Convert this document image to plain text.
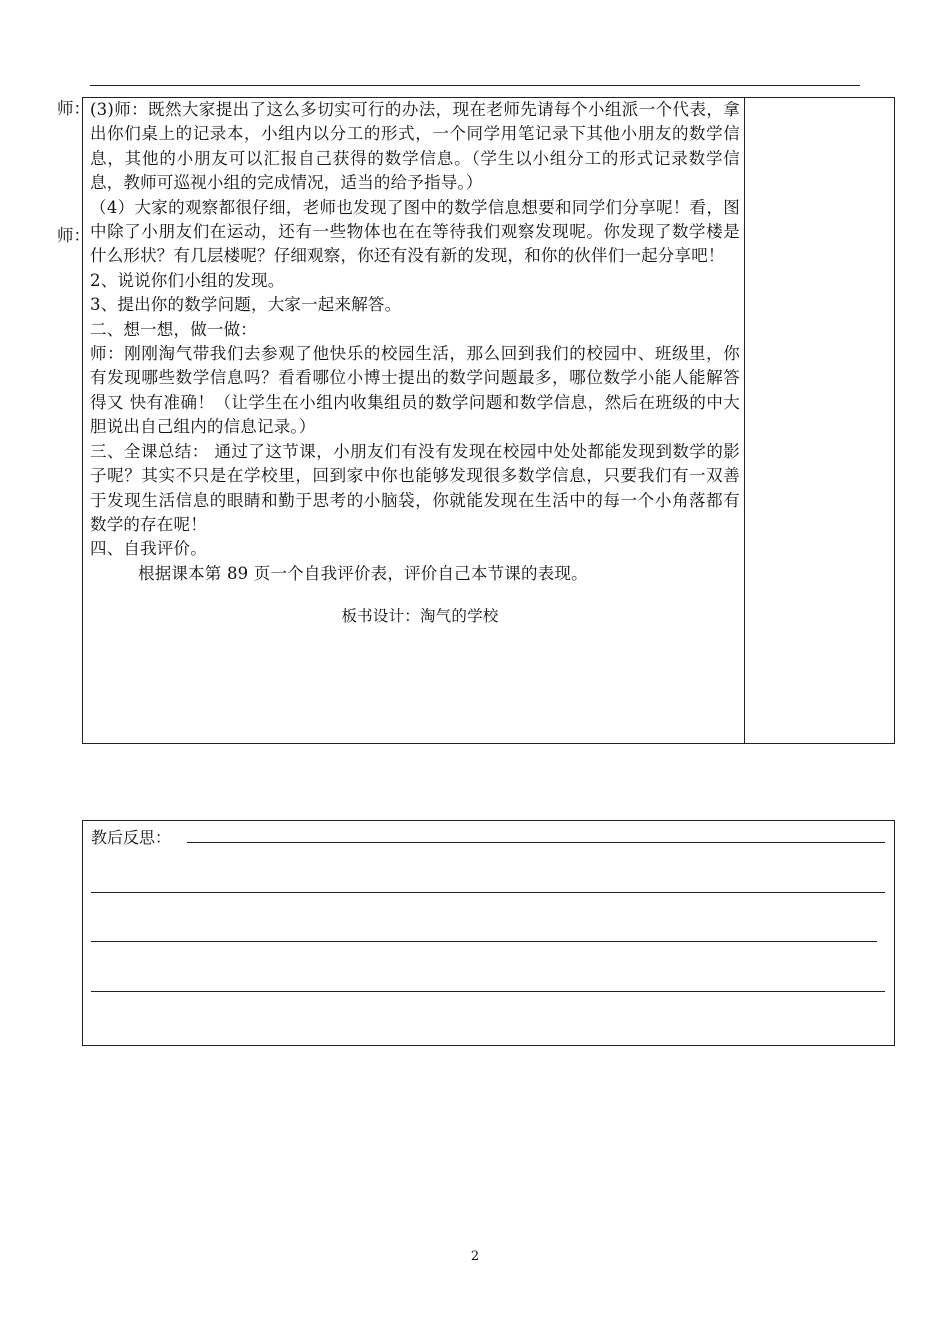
师：
师：

(3)师：既然大家提出了这么多切实可行的办法，现在老师先请每个小组派一个代表，拿出你们桌上的记录本，小组内以分工的形式，一个同学用笔记录下其他小朋友的数学信息，其他的小朋友可以汇报自己获得的数学信息。（学生以小组分工的形式记录数学信息，教师可巡视小组的完成情况，适当的给予指导。）

（4）大家的观察都很仔细，老师也发现了图中的数学信息想要和同学们分享呢！看，图中除了小朋友们在运动，还有一些物体也在在等待我们观察发现呢。你发现了数学楼是什么形状？有几层楼呢？仔细观察，你还有没有新的发现，和你的伙伴们一起分享吧！

2、说说你们小组的发现。

3、提出你的数学问题，大家一起来解答。

二、想一想，做一做：

师：刚刚淘气带我们去参观了他快乐的校园生活，那么回到我们的校园中、班级里，你有发现哪些数学信息吗？看看哪位小博士提出的数学问题最多，哪位数学小能人能解答得又 快有准确！（让学生在小组内收集组员的数学问题和数学信息，然后在班级的中大胆说出自己组内的信息记录。）

三、全课总结： 通过了这节课，小朋友们有没有发现在校园中处处都能发现到数学的影子呢？其实不只是在学校里，回到家中你也能够发现很多数学信息，只要我们有一双善于发现生活信息的眼睛和勤于思考的小脑袋，你就能发现在生活中的每一个小角落都有数学的存在呢！

四、自我评价。

根据课本第 89 页一个自我评价表，评价自己本节课的表现。

板书设计：淘气的学校

教后反思：
2
